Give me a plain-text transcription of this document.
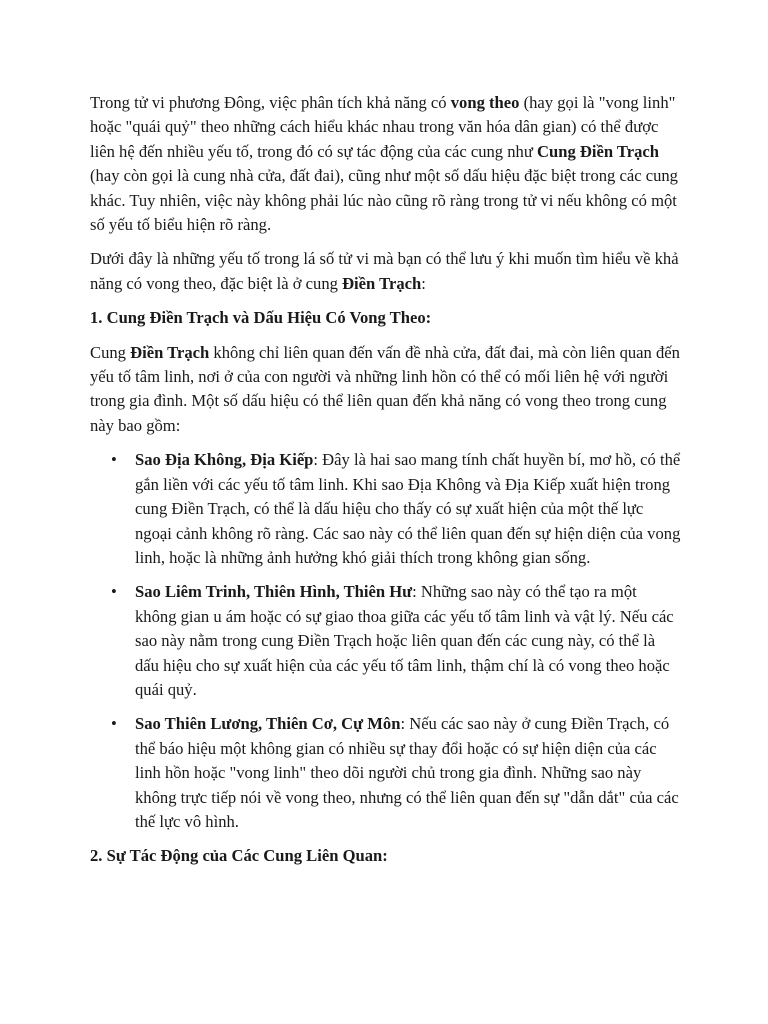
Trong tử vi phương Đông, việc phân tích khả năng có vong theo (hay gọi là "vong linh" hoặc "quái quỷ" theo những cách hiểu khác nhau trong văn hóa dân gian) có thể được liên hệ đến nhiều yếu tố, trong đó có sự tác động của các cung như Cung Điền Trạch (hay còn gọi là cung nhà cửa, đất đai), cũng như một số dấu hiệu đặc biệt trong các cung khác. Tuy nhiên, việc này không phải lúc nào cũng rõ ràng trong tử vi nếu không có một số yếu tố biểu hiện rõ ràng.

Dưới đây là những yếu tố trong lá số tử vi mà bạn có thể lưu ý khi muốn tìm hiểu về khả năng có vong theo, đặc biệt là ở cung Điền Trạch:

1. Cung Điền Trạch và Dấu Hiệu Có Vong Theo:

Cung Điền Trạch không chỉ liên quan đến vấn đề nhà cửa, đất đai, mà còn liên quan đến yếu tố tâm linh, nơi ở của con người và những linh hồn có thể có mối liên hệ với người trong gia đình. Một số dấu hiệu có thể liên quan đến khả năng có vong theo trong cung này bao gồm:

• Sao Địa Không, Địa Kiếp: Đây là hai sao mang tính chất huyền bí, mơ hồ, có thể gắn liền với các yếu tố tâm linh. Khi sao Địa Không và Địa Kiếp xuất hiện trong cung Điền Trạch, có thể là dấu hiệu cho thấy có sự xuất hiện của một thế lực ngoại cảnh không rõ ràng. Các sao này có thể liên quan đến sự hiện diện của vong linh, hoặc là những ảnh hưởng khó giải thích trong không gian sống.
• Sao Liêm Trinh, Thiên Hình, Thiên Hư: Những sao này có thể tạo ra một không gian u ám hoặc có sự giao thoa giữa các yếu tố tâm linh và vật lý. Nếu các sao này nằm trong cung Điền Trạch hoặc liên quan đến các cung này, có thể là dấu hiệu cho sự xuất hiện của các yếu tố tâm linh, thậm chí là có vong theo hoặc quái quỷ.
• Sao Thiên Lương, Thiên Cơ, Cự Môn: Nếu các sao này ở cung Điền Trạch, có thể báo hiệu một không gian có nhiều sự thay đổi hoặc có sự hiện diện của các linh hồn hoặc "vong linh" theo dõi người chủ trong gia đình. Những sao này không trực tiếp nói về vong theo, nhưng có thể liên quan đến sự "dẫn dắt" của các thế lực vô hình.

2. Sự Tác Động của Các Cung Liên Quan:
